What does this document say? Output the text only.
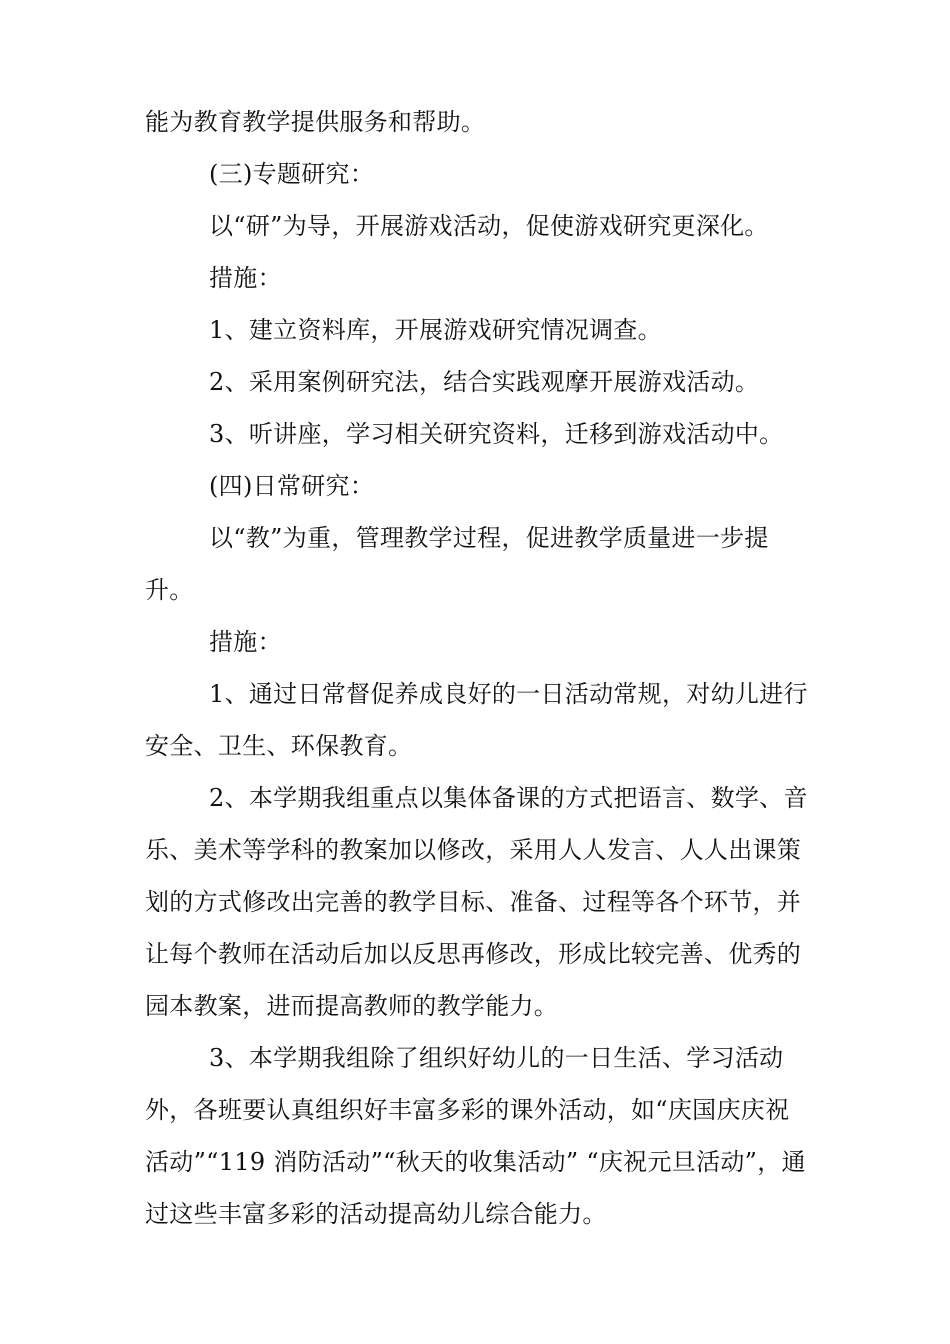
能为教育教学提供服务和帮助。

(三)专题研究：

以“研”为导，开展游戏活动，促使游戏研究更深化。

措施：

1、建立资料库，开展游戏研究情况调查。

2、采用案例研究法，结合实践观摩开展游戏活动。

3、听讲座，学习相关研究资料，迁移到游戏活动中。

(四)日常研究：

以“教”为重，管理教学过程，促进教学质量进一步提升。

措施：

1、通过日常督促养成良好的一日活动常规，对幼儿进行安全、卫生、环保教育。

2、本学期我组重点以集体备课的方式把语言、数学、音乐、美术等学科的教案加以修改，采用人人发言、人人出课策划的方式修改出完善的教学目标、准备、过程等各个环节，并让每个教师在活动后加以反思再修改，形成比较完善、优秀的园本教案，进而提高教师的教学能力。

3、本学期我组除了组织好幼儿的一日生活、学习活动外，各班要认真组织好丰富多彩的课外活动，如“庆国庆庆祝活动”“119 消防活动”“秋天的收集活动” “庆祝元旦活动”，通过这些丰富多彩的活动提高幼儿综合能力。
